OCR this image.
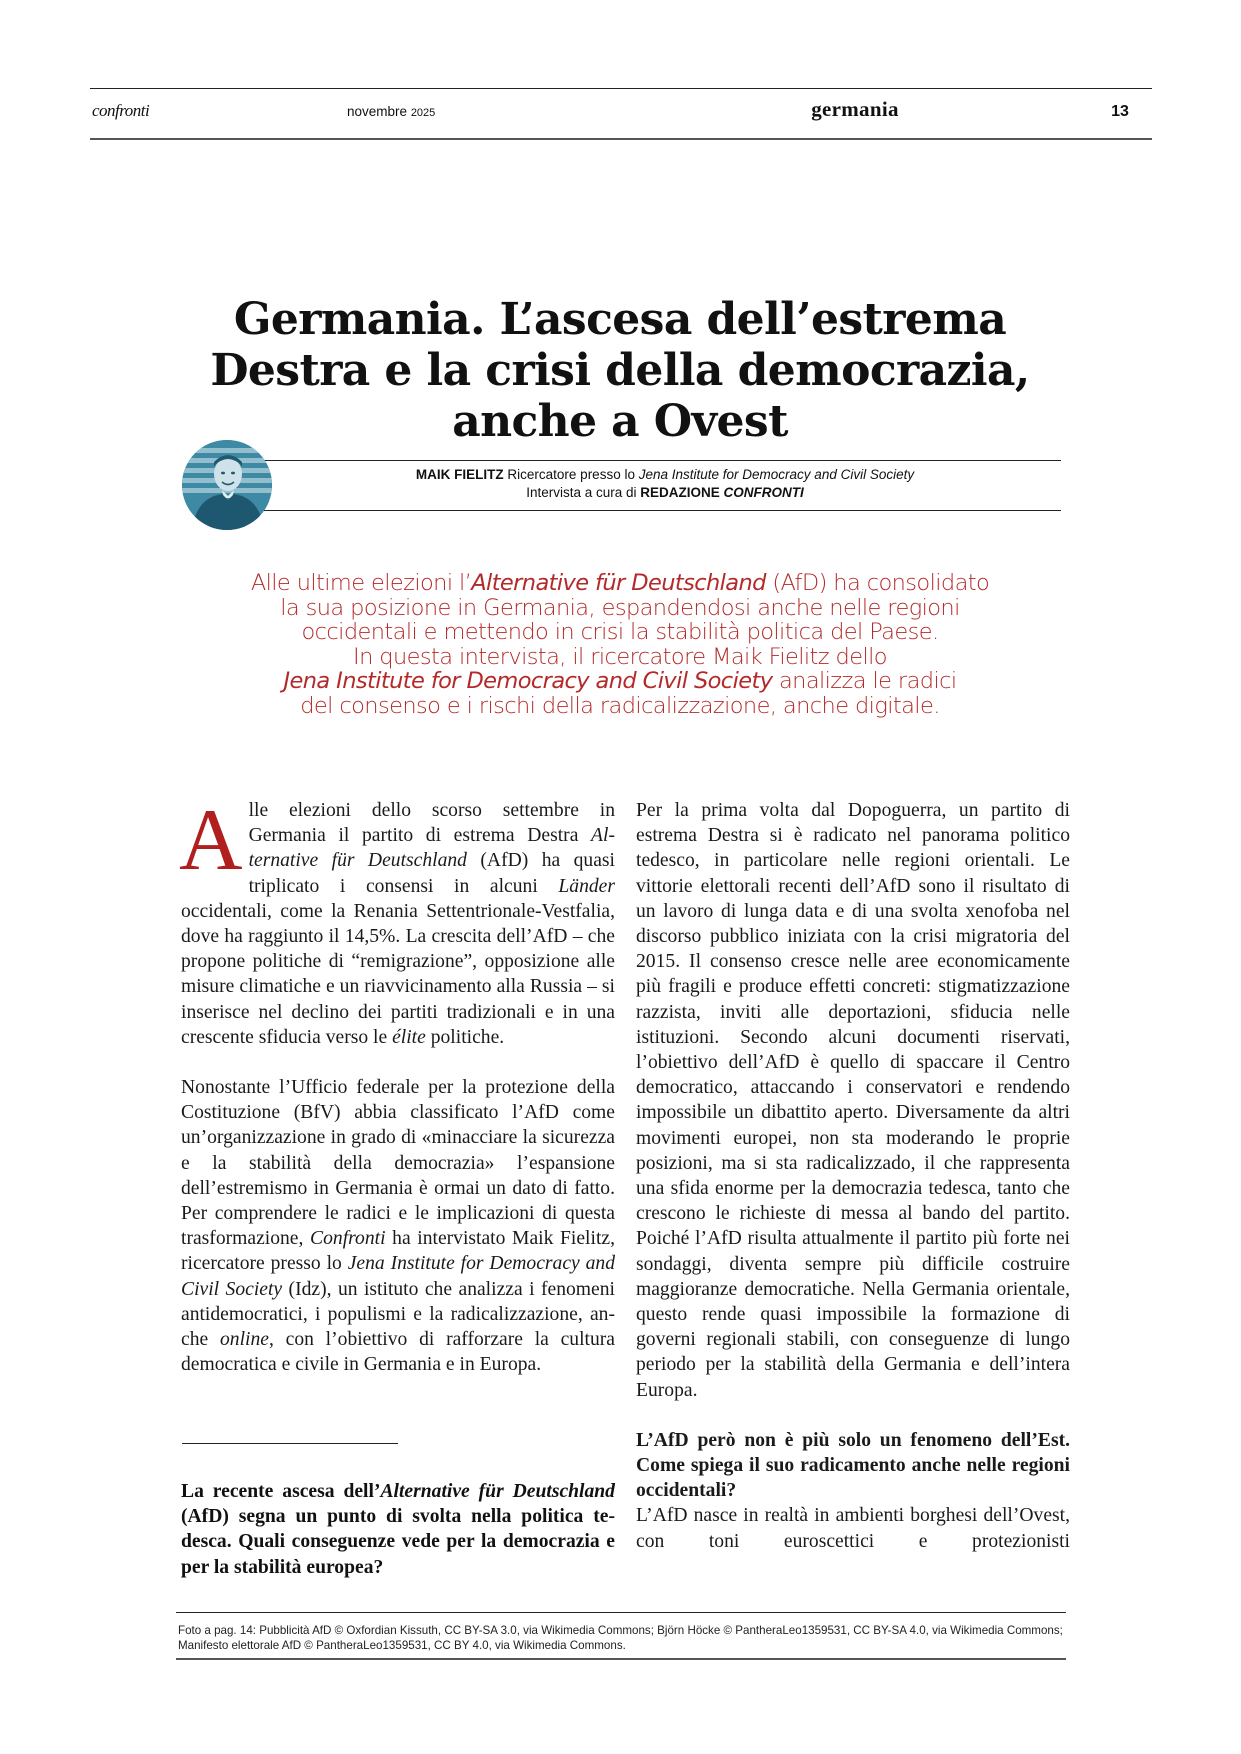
confronti	novembre 2025	germania	13
Germania. L’ascesa dell’estrema
Destra e la crisi della democrazia,
anche a Ovest
MAIK FIELITZ Ricercatore presso lo Jena Institute for Democracy and Civil Society
Intervista a cura di REDAZIONE CONFRONTI
Alle ultime elezioni l’Alternative für Deutschland (AfD) ha consolidato
la sua posizione in Germania, espandendosi anche nelle regioni
occidentali e mettendo in crisi la stabilità politica del Paese.
In questa intervista, il ricercatore Maik Fielitz dello
Jena Institute for Democracy and Civil Society analizza le radici
del consenso e i rischi della radicalizzazione, anche digitale.

Alle elezioni dello scorso settembre in Germania il partito di estrema Destra Alternative für Deutschland (AfD) ha quasi triplicato i consensi in alcuni Länder occidentali, come la Renania Settentrionale-Vestfalia, dove ha raggiunto il 14,5%. La crescita dell’AfD – che propone politiche di “remigrazione”, opposizione alle misure climatiche e un riavvicinamento alla Russia – si inserisce nel declino dei partiti tradizionali e in una crescente sfiducia verso le élite politiche.

Nonostante l’Ufficio federale per la protezione della Costituzione (BfV) abbia classificato l’AfD come un’organizzazione in grado di «minacciare la sicurezza e la stabilità della democrazia» l’espansione dell’estremismo in Germania è ormai un dato di fatto. Per comprendere le radici e le implicazioni di questa trasformazione, Confronti ha intervistato Maik Fielitz, ricercatore presso lo Jena Institute for Democracy and Civil Society (Idz), un istituto che analizza i fenomeni antidemocratici, i populismi e la radicalizzazione, anche online, con l’obiettivo di rafforzare la cultura democratica e civile in Germania e in Europa.

La recente ascesa dell’Alternative für Deutschland (AfD) segna un punto di svolta nella politica tedesca. Quali conseguenze vede per la democrazia e per la stabilità europea?

Per la prima volta dal Dopoguerra, un partito di estrema Destra si è radicato nel panorama politico tedesco, in particolare nelle regioni orientali. Le vittorie elettorali recenti dell’AfD sono il risultato di un lavoro di lunga data e di una svolta xenofoba nel discorso pubblico iniziata con la crisi migratoria del 2015. Il consenso cresce nelle aree economicamente più fragili e produce effetti concreti: stigmatizzazione razzista, inviti alle deportazioni, sfiducia nelle istituzioni. Secondo alcuni documenti riservati, l’obiettivo dell’AfD è quello di spaccare il Centro democratico, attaccando i conservatori e rendendo impossibile un dibattito aperto. Diversamente da altri movimenti europei, non sta moderando le proprie posizioni, ma si sta radicalizzado, il che rappresenta una sfida enorme per la democrazia tedesca, tanto che crescono le richieste di messa al bando del partito. Poiché l’AfD risulta attualmente il partito più forte nei sondaggi, diventa sempre più difficile costruire maggioranze democratiche. Nella Germania orientale, questo rende quasi impossibile la formazione di governi regionali stabili, con conseguenze di lungo periodo per la stabilità della Germania e dell’intera Europa.

L’AfD però non è più solo un fenomeno dell’Est. Come spiega il suo radicamento anche nelle regioni occidentali?

L’AfD nasce in realtà in ambienti borghesi dell’Ovest, con toni euroscettici e protezionisti

Foto a pag. 14: Pubblicità AfD © Oxfordian Kissuth, CC BY-SA 3.0, via Wikimedia Commons; Björn Höcke © PantheraLeo1359531, CC BY-SA 4.0, via Wikimedia Commons; Manifesto elettorale AfD © PantheraLeo1359531, CC BY 4.0, via Wikimedia Commons.
